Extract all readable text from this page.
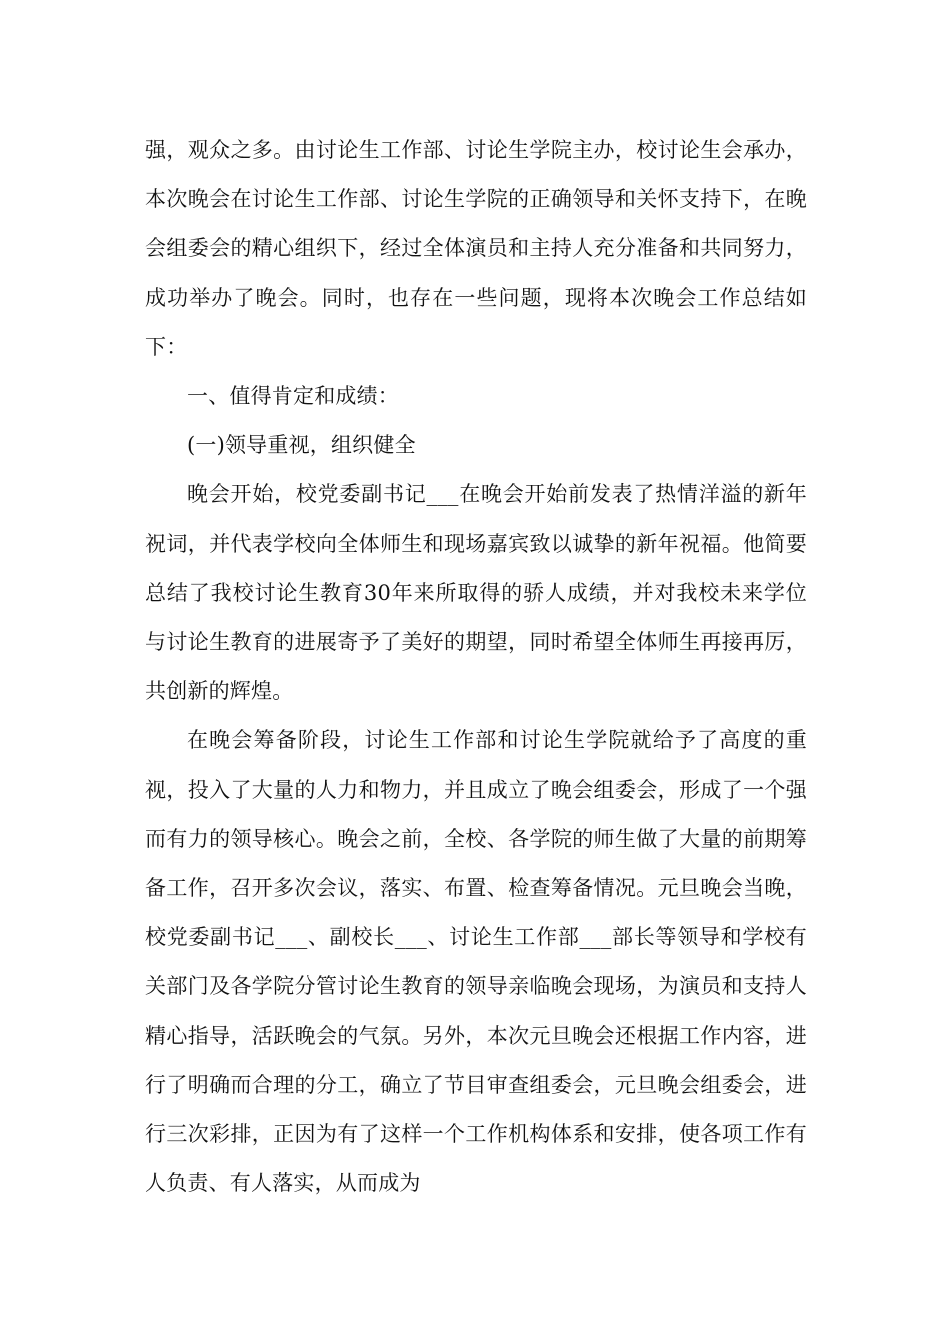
强，观众之多。由讨论生工作部、讨论生学院主办，校讨论生会承办，本次晚会在讨论生工作部、讨论生学院的正确领导和关怀支持下，在晚会组委会的精心组织下，经过全体演员和主持人充分准备和共同努力，成功举办了晚会。同时，也存在一些问题，现将本次晚会工作总结如下：

一、值得肯定和成绩：

(一)领导重视，组织健全

晚会开始，校党委副书记___在晚会开始前发表了热情洋溢的新年祝词，并代表学校向全体师生和现场嘉宾致以诚挚的新年祝福。他简要总结了我校讨论生教育30年来所取得的骄人成绩，并对我校未来学位与讨论生教育的进展寄予了美好的期望，同时希望全体师生再接再厉，共创新的辉煌。

在晚会筹备阶段，讨论生工作部和讨论生学院就给予了高度的重视，投入了大量的人力和物力，并且成立了晚会组委会，形成了一个强而有力的领导核心。晚会之前，全校、各学院的师生做了大量的前期筹备工作，召开多次会议，落实、布置、检查筹备情况。元旦晚会当晚，校党委副书记___、副校长___、讨论生工作部___部长等领导和学校有关部门及各学院分管讨论生教育的领导亲临晚会现场，为演员和支持人精心指导，活跃晚会的气氛。另外，本次元旦晚会还根据工作内容，进行了明确而合理的分工，确立了节目审查组委会，元旦晚会组委会，进行三次彩排，正因为有了这样一个工作机构体系和安排，使各项工作有人负责、有人落实，从而成为
